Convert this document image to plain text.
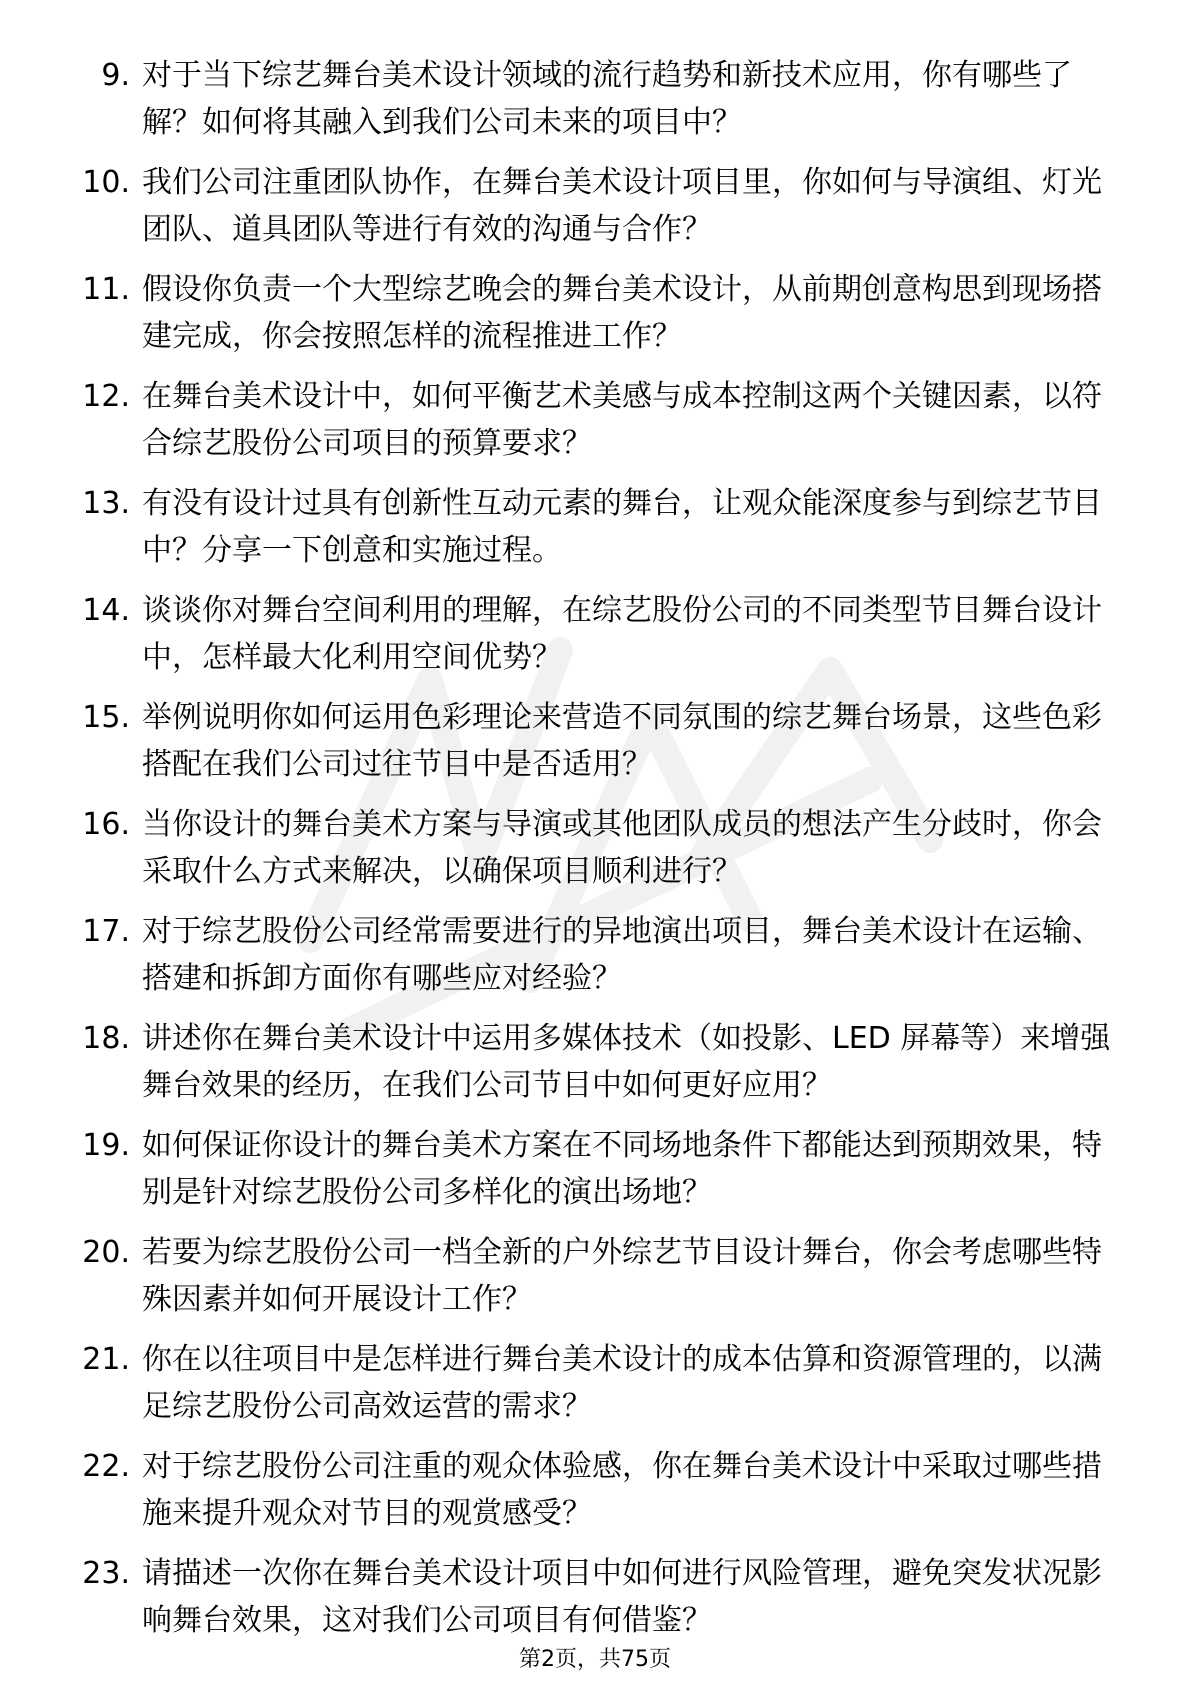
9. 对于当下综艺舞台美术设计领域的流行趋势和新技术应用，你有哪些了解？如何将其融入到我们公司未来的项目中？
10. 我们公司注重团队协作，在舞台美术设计项目里，你如何与导演组、灯光团队、道具团队等进行有效的沟通与合作？
11. 假设你负责一个大型综艺晚会的舞台美术设计，从前期创意构思到现场搭建完成，你会按照怎样的流程推进工作？
12. 在舞台美术设计中，如何平衡艺术美感与成本控制这两个关键因素，以符合综艺股份公司项目的预算要求？
13. 有没有设计过具有创新性互动元素的舞台，让观众能深度参与到综艺节目中？分享一下创意和实施过程。
14. 谈谈你对舞台空间利用的理解，在综艺股份公司的不同类型节目舞台设计中，怎样最大化利用空间优势？
15. 举例说明你如何运用色彩理论来营造不同氛围的综艺舞台场景，这些色彩搭配在我们公司过往节目中是否适用？
16. 当你设计的舞台美术方案与导演或其他团队成员的想法产生分歧时，你会采取什么方式来解决，以确保项目顺利进行？
17. 对于综艺股份公司经常需要进行的异地演出项目，舞台美术设计在运输、搭建和拆卸方面你有哪些应对经验？
18. 讲述你在舞台美术设计中运用多媒体技术（如投影、LED 屏幕等）来增强舞台效果的经历，在我们公司节目中如何更好应用？
19. 如何保证你设计的舞台美术方案在不同场地条件下都能达到预期效果，特别是针对综艺股份公司多样化的演出场地？
20. 若要为综艺股份公司一档全新的户外综艺节目设计舞台，你会考虑哪些特殊因素并如何开展设计工作？
21. 你在以往项目中是怎样进行舞台美术设计的成本估算和资源管理的，以满足综艺股份公司高效运营的需求？
22. 对于综艺股份公司注重的观众体验感，你在舞台美术设计中采取过哪些措施来提升观众对节目的观赏感受？
23. 请描述一次你在舞台美术设计项目中如何进行风险管理，避免突发状况影响舞台效果，这对我们公司项目有何借鉴？
第2页，共75页
